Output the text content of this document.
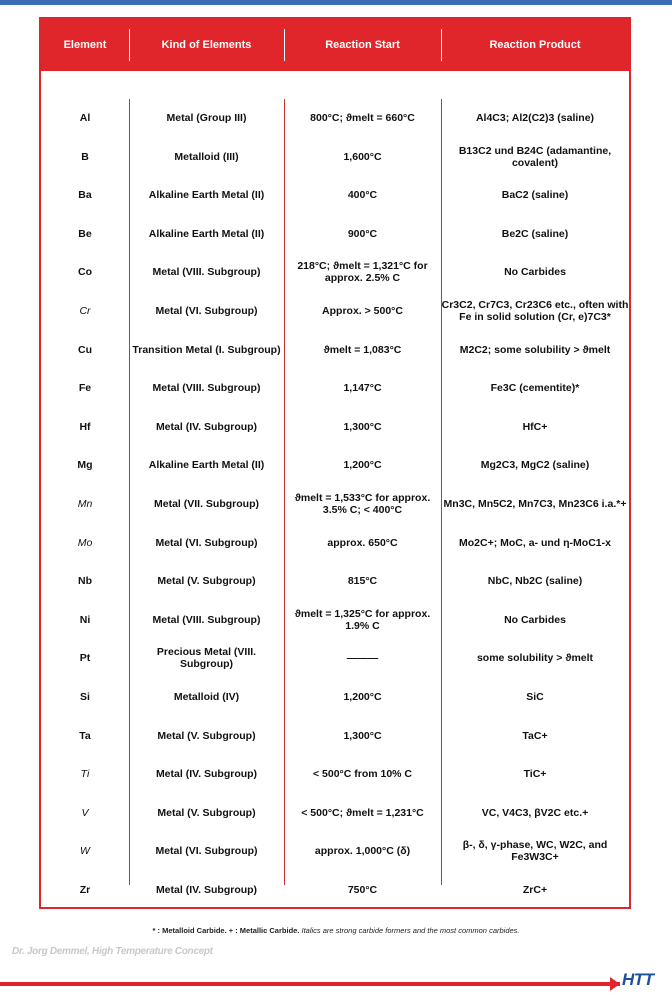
Element	Kind of Elements	Reaction Start	Reaction Product
Al	Metal (Group III)	800°C; ϑmelt = 660°C	Al4C3; Al2(C2)3 (saline)
B	Metalloid (III)	1,600°C	B13C2 und B24C (adamantine, covalent)
Ba	Alkaline Earth Metal (II)	400°C	BaC2 (saline)
Be	Alkaline Earth Metal (II)	900°C	Be2C (saline)
Co	Metal (VIII. Subgroup)	218°C; ϑmelt = 1,321°C for approx. 2.5% C	No Carbides
Cr	Metal (VI. Subgroup)	Approx. > 500°C	Cr3C2, Cr7C3, Cr23C6 etc., often with Fe in solid solution (Cr, e)7C3*
Cu	Transition Metal (I. Subgroup)	ϑmelt = 1,083°C	M2C2; some solubility > ϑmelt
Fe	Metal (VIII. Subgroup)	1,147°C	Fe3C (cementite)*
Hf	Metal (IV. Subgroup)	1,300°C	HfC+
Mg	Alkaline Earth Metal (II)	1,200°C	Mg2C3, MgC2 (saline)
Mn	Metal (VII. Subgroup)	ϑmelt = 1,533°C for approx. 3.5% C; < 400°C	Mn3C, Mn5C2, Mn7C3, Mn23C6 i.a.*+
Mo	Metal (VI. Subgroup)	approx. 650°C	Mo2C+; MoC, a- und η-MoC1-x
Nb	Metal (V. Subgroup)	815°C	NbC, Nb2C (saline)
Ni	Metal (VIII. Subgroup)	ϑmelt = 1,325°C for approx. 1.9% C	No Carbides
Pt	Precious Metal (VIII. Subgroup)	———	some solubility > ϑmelt
Si	Metalloid (IV)	1,200°C	SiC
Ta	Metal (V. Subgroup)	1,300°C	TaC+
Ti	Metal (IV. Subgroup)	< 500°C from 10% C	TiC+
V	Metal (V. Subgroup)	< 500°C; ϑmelt = 1,231°C	VC, V4C3, βV2C etc.+
W	Metal (VI. Subgroup)	approx. 1,000°C (δ)	β-, δ, γ-phase, WC, W2C, and Fe3W3C+
Zr	Metal (IV. Subgroup)	750°C	ZrC+
* : Metalloid Carbide. + : Metallic Carbide. Italics are strong carbide formers and the most common carbides.
Dr. Jorg Demmel, High Temperature Concept
HTT
